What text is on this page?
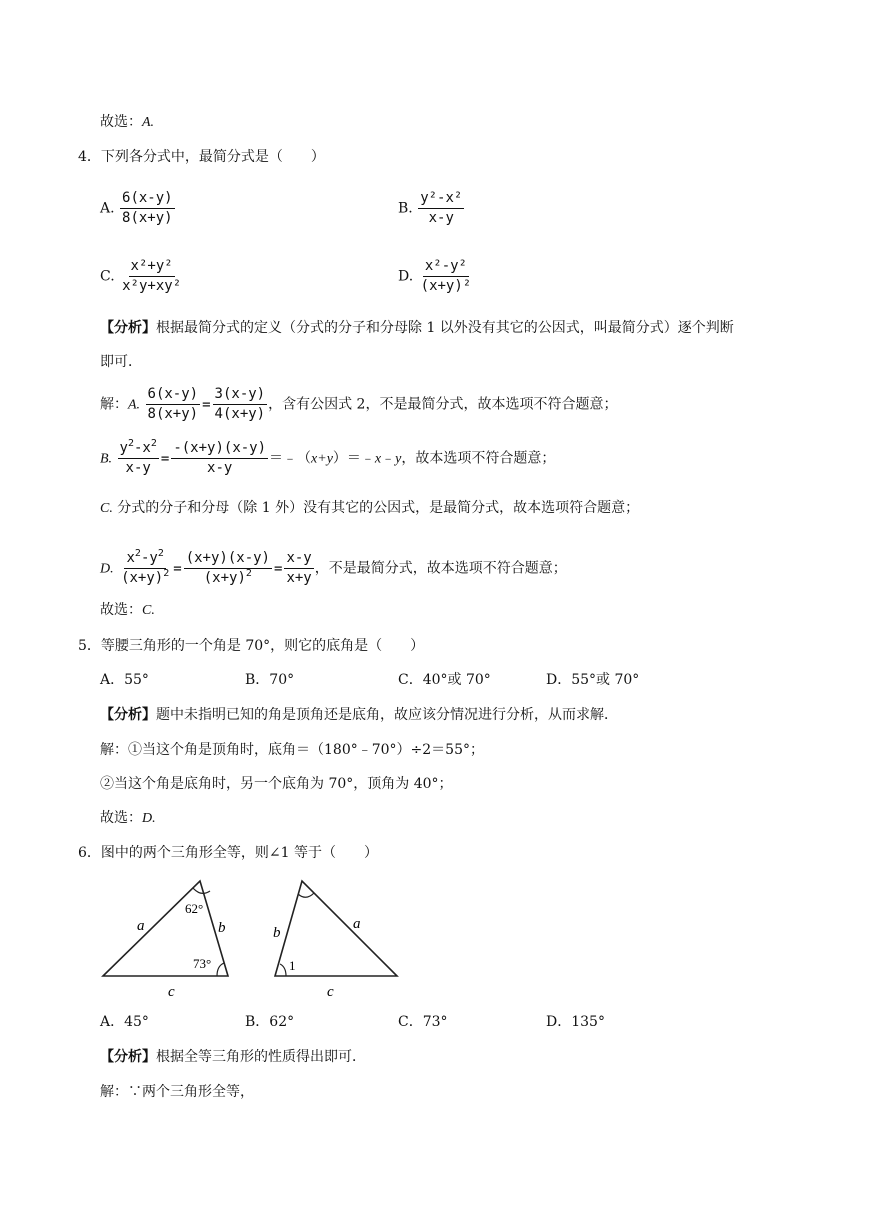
故选：A.
4．下列各分式中，最简分式是（　　）
A. $\frac{6(x-y)}{8(x+y)}$	B. $\frac{\text{y²-x²}}{x-y}$
C. $\frac{\text{x²+y²}}{\text{x²y+xy²}}$	D. $\frac{\text{x²-y²}}{\text{(x+y)²}}$
【分析】根据最简分式的定义（分式的分子和分母除 1 以外没有其它的公因式，叫最简分式）逐个判断
即可．
解：A. $\frac{6(x-y)}{8(x+y)} = \frac{3(x-y)}{4(x+y)}$ ，含有公因式 2，不是最简分式，故本选项不符合题意；
B. $\frac{y^2-x^2}{x-y} = \frac{-(x+y)(x-y)}{x-y}$ ＝﹣（x+y）＝﹣x﹣y，故本选项不符合题意；
C. 分式的分子和分母（除 1 外）没有其它的公因式，是最简分式，故本选项符合题意；
D. $\frac{x^2-y^2}{(x+y)^2} = \frac{(x+y)(x-y)}{(x+y)^2} = \frac{x-y}{x+y}$ ，不是最简分式，故本选项不符合题意；
故选：C.
5．等腰三角形的一个角是 70°，则它的底角是（　　）
A．55°	B．70°	C．40°或 70°	D．55°或 70°
【分析】题中未指明已知的角是顶角还是底角，故应该分情况进行分析，从而求解．
解：①当这个角是顶角时，底角＝（180°﹣70°）÷2＝55°；
②当这个角是底角时，另一个底角为 70°，顶角为 40°；
故选：D.
6．图中的两个三角形全等，则∠1 等于（　　）
a	b
c
62°
73°
b
a
c
1
A．45°	B．62°	C．73°	D．135°
【分析】根据全等三角形的性质得出即可．
解：∵两个三角形全等，
